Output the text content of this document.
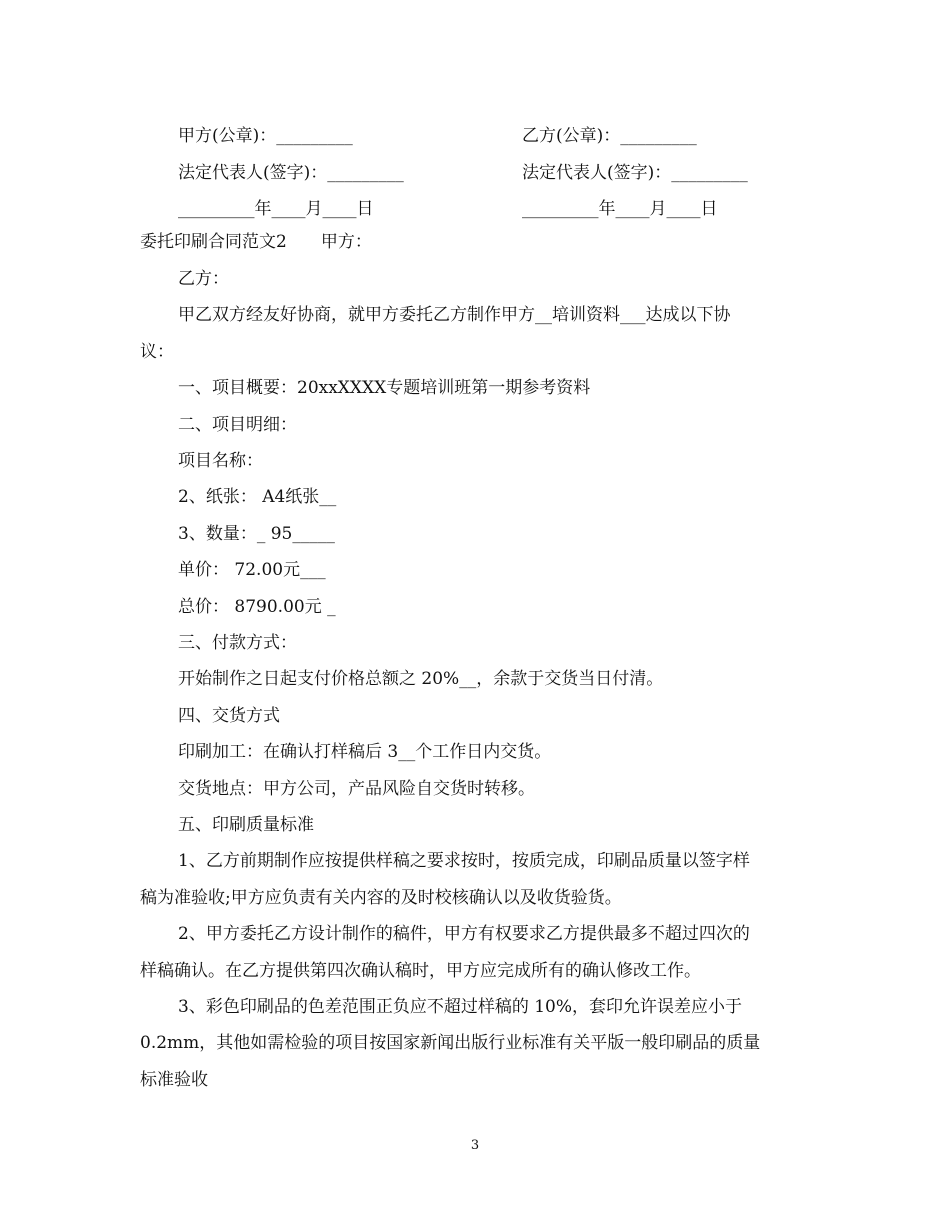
甲方(公章)：_________	乙方(公章)：_________
法定代表人(签字)：_________	法定代表人(签字)：_________
_________年____月____日	_________年____月____日
委托印刷合同范文2　　甲方：
乙方：
甲乙双方经友好协商，就甲方委托乙方制作甲方__培训资料___达成以下协
议：
一、项目概要：20xxXXXX专题培训班第一期参考资料
二、项目明细：
项目名称：
2、纸张： A4纸张__
3、数量：_ 95_____
单价： 72.00元___
总价： 8790.00元 _
三、付款方式：
开始制作之日起支付价格总额之 20%__，余款于交货当日付清。
四、交货方式
印刷加工：在确认打样稿后 3__个工作日内交货。
交货地点：甲方公司，产品风险自交货时转移。
五、印刷质量标准
1、乙方前期制作应按提供样稿之要求按时，按质完成，印刷品质量以签字样
稿为准验收;甲方应负责有关内容的及时校核确认以及收货验货。
2、甲方委托乙方设计制作的稿件，甲方有权要求乙方提供最多不超过四次的
样稿确认。在乙方提供第四次确认稿时，甲方应完成所有的确认修改工作。
3、彩色印刷品的色差范围正负应不超过样稿的 10%，套印允许误差应小于
0.2mm，其他如需检验的项目按国家新闻出版行业标准有关平版一般印刷品的质量
标准验收
3
